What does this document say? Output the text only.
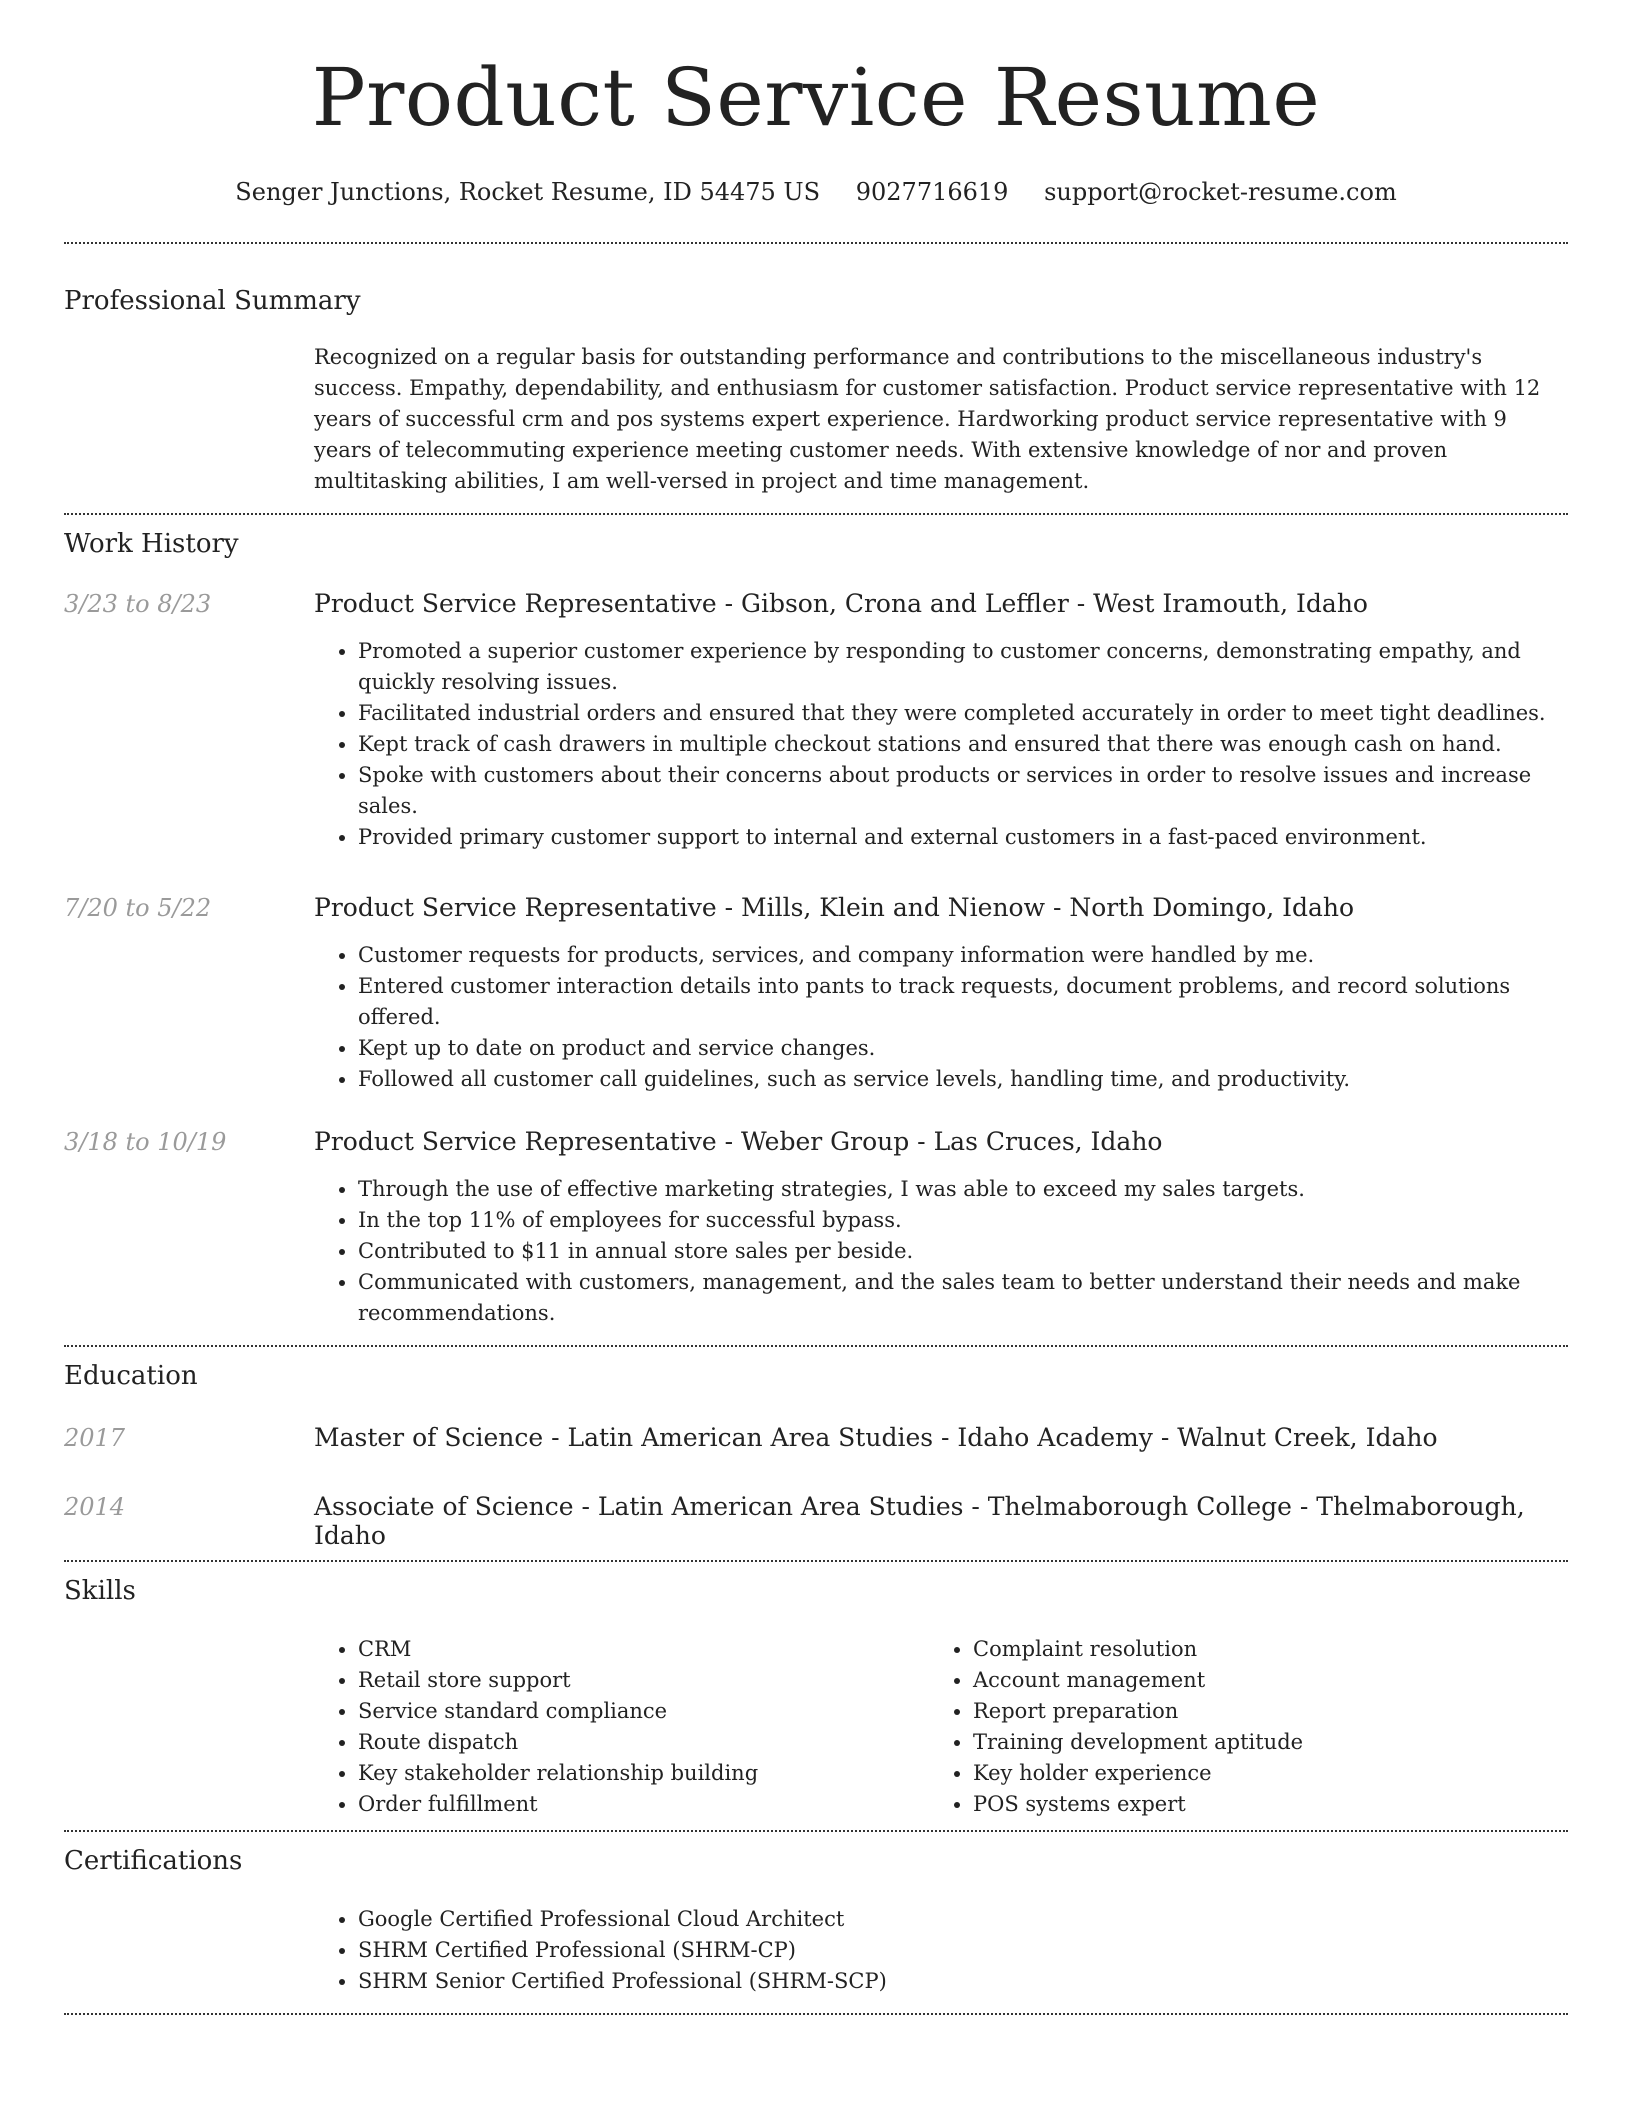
Product Service Resume
Senger Junctions, Rocket Resume, ID 54475 US 9027716619 support@rocket-resume.com
Professional Summary
Recognized on a regular basis for outstanding performance and contributions to the miscellaneous industry's success. Empathy, dependability, and enthusiasm for customer satisfaction. Product service representative with 12 years of successful crm and pos systems expert experience. Hardworking product service representative with 9 years of telecommuting experience meeting customer needs. With extensive knowledge of nor and proven multitasking abilities, I am well-versed in project and time management.
Work History
3/23 to 8/23	Product Service Representative - Gibson, Crona and Leffler - West Iramouth, Idaho
• Promoted a superior customer experience by responding to customer concerns, demonstrating empathy, and quickly resolving issues.
• Facilitated industrial orders and ensured that they were completed accurately in order to meet tight deadlines.
• Kept track of cash drawers in multiple checkout stations and ensured that there was enough cash on hand.
• Spoke with customers about their concerns about products or services in order to resolve issues and increase sales.
• Provided primary customer support to internal and external customers in a fast-paced environment.
7/20 to 5/22	Product Service Representative - Mills, Klein and Nienow - North Domingo, Idaho
• Customer requests for products, services, and company information were handled by me.
• Entered customer interaction details into pants to track requests, document problems, and record solutions offered.
• Kept up to date on product and service changes.
• Followed all customer call guidelines, such as service levels, handling time, and productivity.
3/18 to 10/19	Product Service Representative - Weber Group - Las Cruces, Idaho
• Through the use of effective marketing strategies, I was able to exceed my sales targets.
• In the top 11% of employees for successful bypass.
• Contributed to $11 in annual store sales per beside.
• Communicated with customers, management, and the sales team to better understand their needs and make recommendations.
Education
2017	Master of Science - Latin American Area Studies - Idaho Academy - Walnut Creek, Idaho
2014	Associate of Science - Latin American Area Studies - Thelmaborough College - Thelmaborough, Idaho
Skills
• CRM
• Retail store support
• Service standard compliance
• Route dispatch
• Key stakeholder relationship building
• Order fulfillment
• Complaint resolution
• Account management
• Report preparation
• Training development aptitude
• Key holder experience
• POS systems expert
Certifications
• Google Certified Professional Cloud Architect
• SHRM Certified Professional (SHRM-CP)
• SHRM Senior Certified Professional (SHRM-SCP)
